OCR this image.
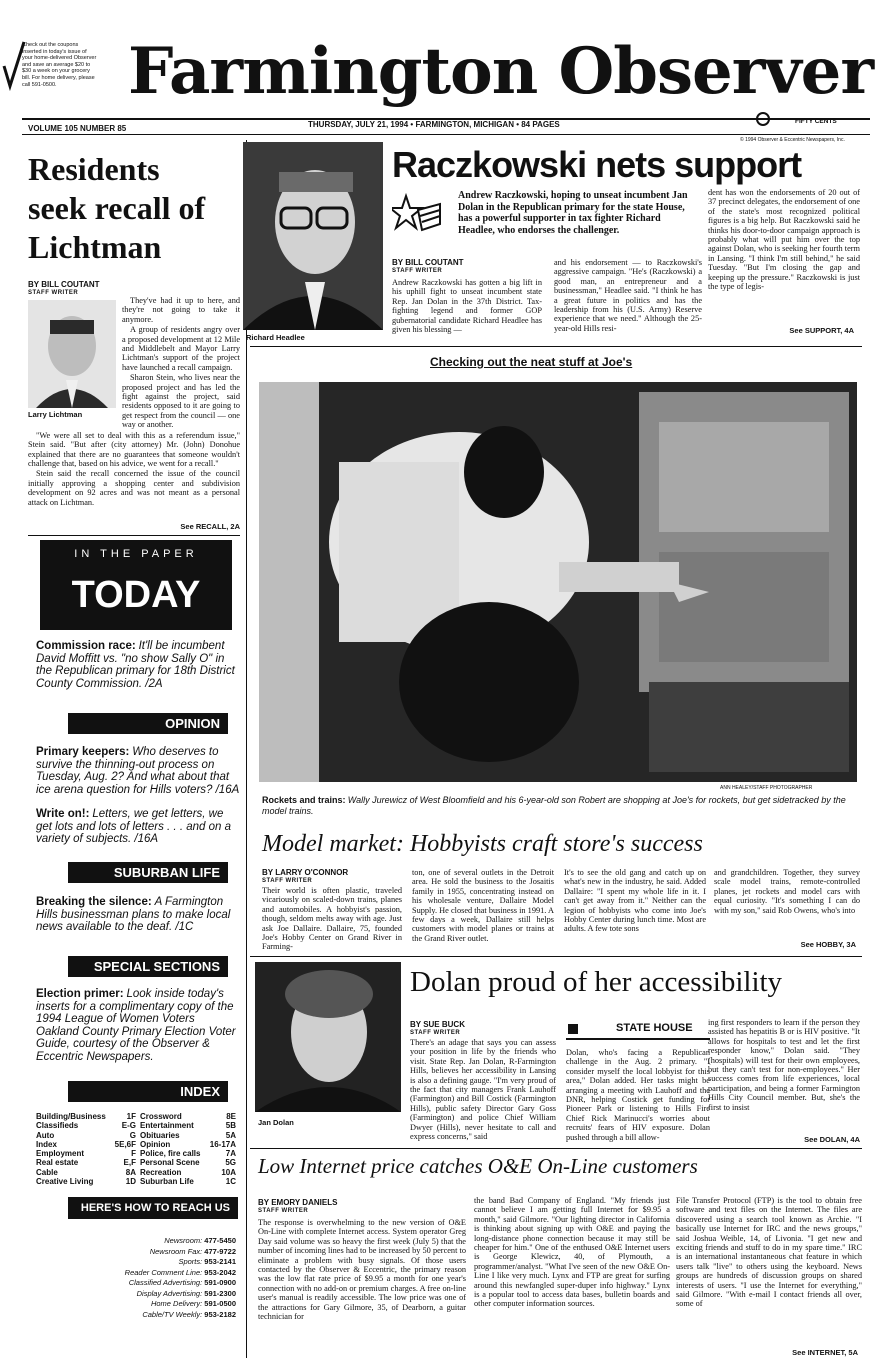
Check out the coupons inserted in today's issue of your home-delivered Observer and save an average $20 to $30 a week on your grocery bill. For home delivery, please call 591-0500.	Farmington Observer
VOLUME 105 NUMBER 85	THURSDAY, JULY 21, 1994 • FARMINGTON, MICHIGAN • 84 PAGES	FIFTY CENTS
© 1994 Observer & Eccentric Newspapers, Inc.
Residents seek recall of Lichtman
BY BILL COUTANT
STAFF WRITER
Larry Lichtman

They've had it up to here, and they're not going to take it anymore.

A group of residents angry over a proposed development at 12 Mile and Middlebelt and Mayor Larry Lichtman's support of the project have launched a recall campaign.

Sharon Stein, who lives near the proposed project and has led the fight against the project, said residents opposed to it are going to get respect from the council — one way or another.

"We were all set to deal with this as a referendum issue," Stein said. "But after (city attorney) Mr. (John) Donohue explained that there are no guarantees that someone wouldn't challenge that, based on his advice, we went for a recall."

Stein said the recall concerned the issue of the council initially approving a shopping center and subdivision development on 92 acres and was not meant as a personal attack on Lichtman.

See RECALL, 2A
IN THE PAPER
TODAY
Commission race: It'll be incumbent David Moffitt vs. "no show Sally O" in the Republican primary for 18th District County Commission. /2A
OPINION
Primary keepers: Who deserves to survive the thinning-out process on Tuesday, Aug. 2? And what about that ice arena question for Hills voters? /16A
Write on!: Letters, we get letters, we get lots and lots of letters . . . and on a variety of subjects. /16A
SUBURBAN LIFE
Breaking the silence: A Farmington Hills businessman plans to make local news available to the deaf. /1C
SPECIAL SECTIONS
Election primer: Look inside today's inserts for a complimentary copy of the 1994 League of Women Voters Oakland County Primary Election Voter Guide, courtesy of the Observer & Eccentric Newspapers.
INDEX
Building/Business	1F
Classifieds	E-G
Auto	G
Index	5E,6F
Employment	F
Real estate	E,F
Cable	8A
Creative Living	1D
Crossword	8E
Entertainment	5B
Obituaries	5A
Opinion	16-17A
Police, fire calls	7A
Personal Scene	5G
Recreation	10A
Suburban Life	1C
HERE'S HOW TO REACH US
Newsroom: 477-5450
Newsroom Fax: 477-9722
Sports: 953-2141
Reader Comment Line: 953-2042
Classified Advertising: 591-0900
Display Advertising: 591-2300
Home Delivery: 591-0500
Cable/TV Weekly: 953-2182
Richard Headlee
Raczkowski nets support
Andrew Raczkowski, hoping to unseat incumbent Jan Dolan in the Republican primary for the state House, has a powerful supporter in tax fighter Richard Headlee, who endorses the challenger.
BY BILL COUTANT
STAFF WRITER
Andrew Raczkowski has gotten a big lift in his uphill fight to unseat incumbent state Rep. Jan Dolan in the 37th District. Tax-fighting legend and former GOP gubernatorial candidate Richard Headlee has given his blessing —
and his endorsement — to Raczkowski's aggressive campaign. "He's (Raczkowski) a good man, an entrepreneur and a businessman," Headlee said. "I think he has a great future in politics and has the leadership from his (U.S. Army) Reserve experience that we need." Although the 25-year-old Hills resi-
dent has won the endorsements of 20 out of 37 precinct delegates, the endorsement of one of the state's most recognized political figures is a big help. But Raczkowski said he thinks his door-to-door campaign approach is probably what will put him over the top against Dolan, who is seeking her fourth term in Lansing. "I think I'm still behind," he said Tuesday. "But I'm closing the gap and keeping up the pressure." Raczkowski is just the type of legis-
See SUPPORT, 4A
Checking out the neat stuff at Joe's
ANN HEALEY/STAFF PHOTOGRAPHER
Rockets and trains: Wally Jurewicz of West Bloomfield and his 6-year-old son Robert are shopping at Joe's for rockets, but get sidetracked by the model trains.
Model market: Hobbyists craft store's success
BY LARRY O'CONNOR
STAFF WRITER
Their world is often plastic, traveled vicariously on scaled-down trains, planes and automobiles. A hobbyist's passion, though, seldom melts away with age. Just ask Joe Dallaire. Dallaire, 75, founded Joe's Hobby Center on Grand River in Farming-
ton, one of several outlets in the Detroit area. He sold the business to the Josaitis family in 1955, concentrating instead on his wholesale venture, Dallaire Model Supply. He closed that business in 1991. A few days a week, Dallaire still helps customers with model planes or trains at the Grand River outlet.
It's to see the old gang and catch up on what's new in the industry, he said. Added Dallaire: "I spent my whole life in it. I can't get away from it." Neither can the legion of hobbyists who come into Joe's Hobby Center during lunch time. Most are adults. A few tote sons
and grandchildren. Together, they survey scale model trains, remote-controlled planes, jet rockets and model cars with equal curiosity. "It's something I can do with my son," said Rob Owens, who's into
See HOBBY, 3A
Jan Dolan
Dolan proud of her accessibility
BY SUE BUCK
STAFF WRITER
There's an adage that says you can assess your position in life by the friends who visit. State Rep. Jan Dolan, R-Farmington Hills, believes her accessibility in Lansing is also a defining gauge. "I'm very proud of the fact that city managers Frank Lauhoff (Farmington) and Bill Costick (Farmington Hills), public safety Director Gary Goss (Farmington) and police Chief William Dwyer (Hills), never hesitate to call and express concerns," said
STATE HOUSE
Dolan, who's facing a Republican challenge in the Aug. 2 primary. "I consider myself the local lobbyist for this area," Dolan added. Her tasks might be arranging a meeting with Lauhoff and the DNR, helping Costick get funding for Pioneer Park or listening to Hills Fire Chief Rick Marinucci's worries about recruits' fears of HIV exposure. Dolan pushed through a bill allow-
ing first responders to learn if the person they assisted has hepatitis B or is HIV positive. "It allows for hospitals to test and let the first responder know," Dolan said. "They (hospitals) will test for their own employees, but they can't test for non-employees." Her success comes from life experiences, local participation, and being a former Farmington Hills City Council member. But, she's the first to insist
See DOLAN, 4A
Low Internet price catches O&E On-Line customers
BY EMORY DANIELS
STAFF WRITER
The response is overwhelming to the new version of O&E On-Line with complete Internet access. System operator Greg Day said volume was so heavy the first week (July 5) that the number of incoming lines had to be increased by 50 percent to eliminate a problem with busy signals. Of those users contacted by the Observer & Eccentric, the primary reason was the low flat rate price of $9.95 a month for one year's connection with no add-on or premium charges. A free on-line user's manual is readily accessible. The low price was one of the attractions for Gary Gilmore, 35, of Dearborn, a guitar technician for
the band Bad Company of England. "My friends just cannot believe I am getting full Internet for $9.95 a month," said Gilmore. "Our lighting director in California is thinking about signing up with O&E and paying the long-distance phone connection because it may still be cheaper for him." One of the enthused O&E Internet users is George Klewicz, 40, of Plymouth, a programmer/analyst. "What I've seen of the new O&E On-Line I like very much. Lynx and FTP are great for surfing around this newfangled super-duper info highway." Lynx is a popular tool to access data bases, bulletin boards and other computer information sources.
File Transfer Protocol (FTP) is the tool to obtain free software and text files on the Internet. The files are discovered using a search tool known as Archie. "I basically use Internet for IRC and the news groups," said Joshua Weible, 14, of Livonia. "I get new and exciting friends and stuff to do in my spare time." IRC is an international instantaneous chat feature in which users talk "live" to others using the keyboard. News groups are hundreds of discussion groups on shared interests of users. "I use the Internet for everything," said Gilmore. "With e-mail I contact friends all over, some of
See INTERNET, 5A
